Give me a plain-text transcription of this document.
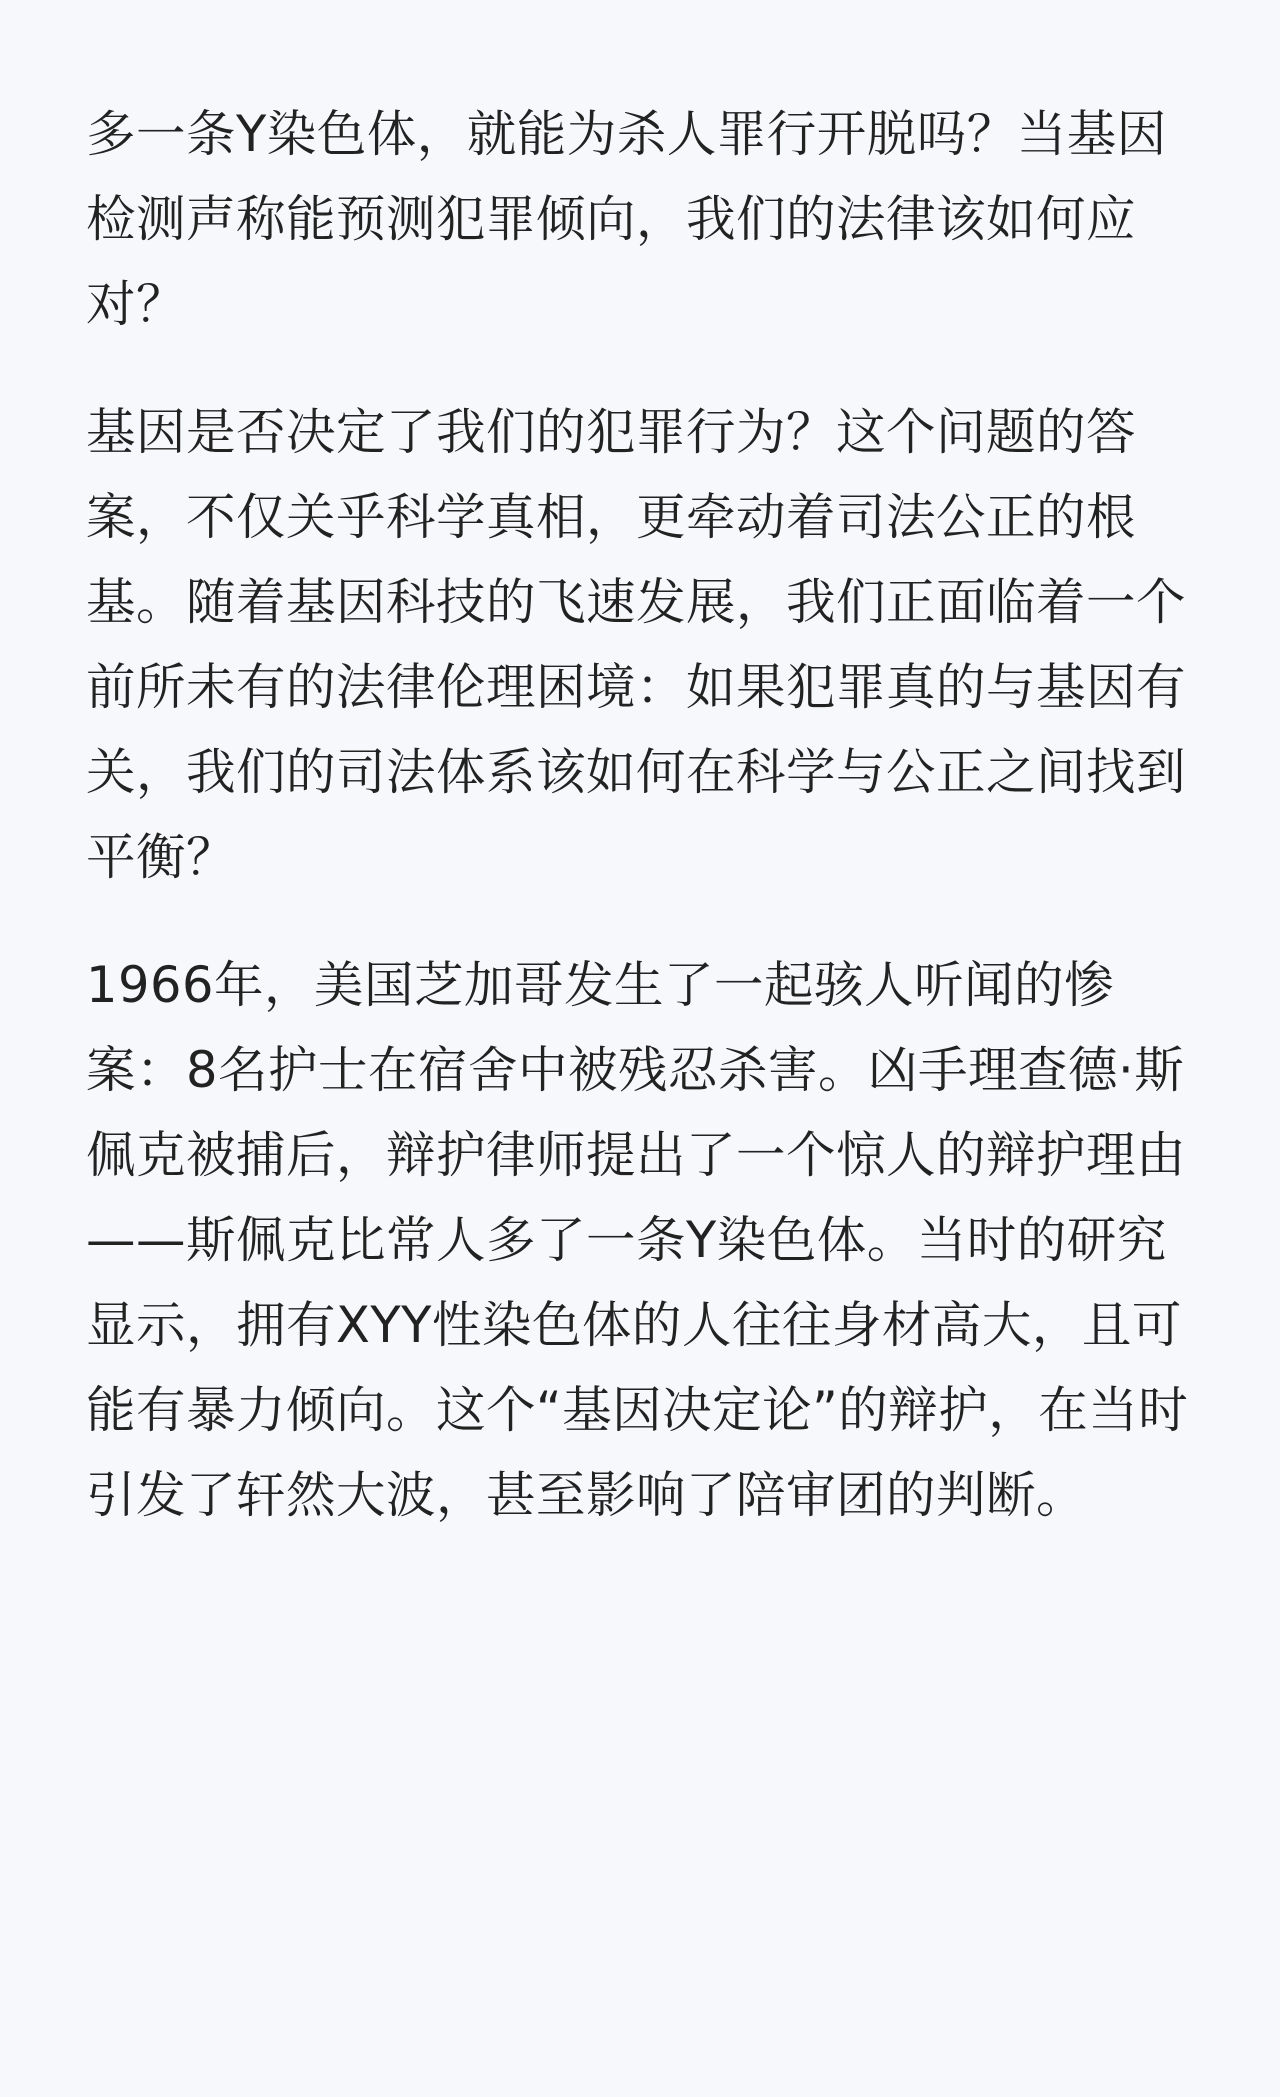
多一条Y染色体，就能为杀人罪行开脱吗？当基因检测声称能预测犯罪倾向，我们的法律该如何应对？

基因是否决定了我们的犯罪行为？这个问题的答案，不仅关乎科学真相，更牵动着司法公正的根基。随着基因科技的飞速发展，我们正面临着一个前所未有的法律伦理困境：如果犯罪真的与基因有关，我们的司法体系该如何在科学与公正之间找到平衡？

1966年，美国芝加哥发生了一起骇人听闻的惨案：8名护士在宿舍中被残忍杀害。凶手理查德·斯佩克被捕后，辩护律师提出了一个惊人的辩护理由——斯佩克比常人多了一条Y染色体。当时的研究显示，拥有XYY性染色体的人往往身材高大，且可能有暴力倾向。这个“基因决定论”的辩护，在当时引发了轩然大波，甚至影响了陪审团的判断。
